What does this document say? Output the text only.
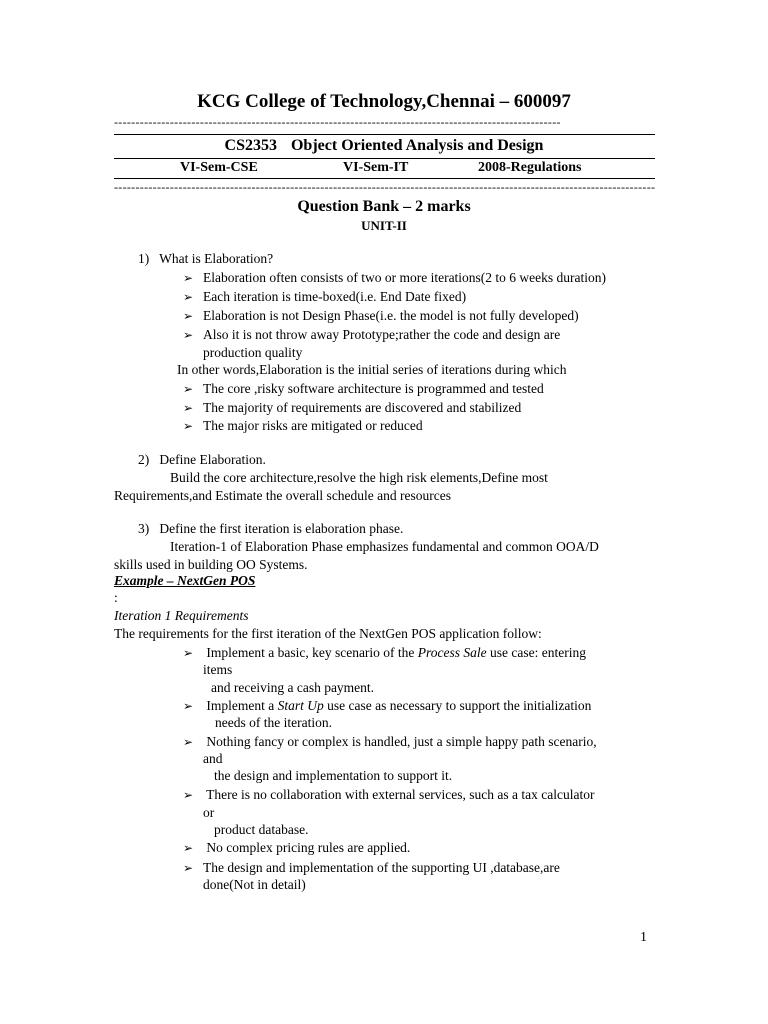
KCG College of Technology,Chennai – 600097
--------------------------------------------------------------------------------------------------------
CS2353 Object Oriented Analysis and Design
VI-Sem-CSE	VI-Sem-IT	2008-Regulations
------------------------------------------------------------------------------------------------------------------------------
Question Bank – 2 marks
UNIT-II
1)   What is Elaboration?
➢ Elaboration often consists of two or more iterations(2 to 6 weeks duration)
➢ Each iteration is time-boxed(i.e. End Date fixed)
➢ Elaboration is not Design Phase(i.e. the model is not fully developed)
➢ Also it is not throw away Prototype;rather the code and design are
production quality
In other words,Elaboration is the initial series of iterations during which
➢ The core ,risky software architecture is programmed and tested
➢ The majority of requirements are discovered and stabilized
➢ The major risks are mitigated or reduced
2)   Define Elaboration.
Build the core architecture,resolve the high risk elements,Define most
Requirements,and Estimate the overall schedule and resources
3)   Define the first iteration is elaboration phase.
Iteration-1 of Elaboration Phase emphasizes fundamental and common OOA/D
skills used in building OO Systems.
Example – NextGen POS
:
Iteration 1 Requirements
The requirements for the first iteration of the NextGen POS application follow:
➢  Implement a basic, key scenario of the Process Sale use case: entering
items
and receiving a cash payment.
➢  Implement a Start Up use case as necessary to support the initialization
needs of the iteration.
➢  Nothing fancy or complex is handled, just a simple happy path scenario,
and
the design and implementation to support it.
➢  There is no collaboration with external services, such as a tax calculator
or
product database.
➢  No complex pricing rules are applied.
➢ The design and implementation of the supporting UI ,database,are
done(Not in detail)
1
